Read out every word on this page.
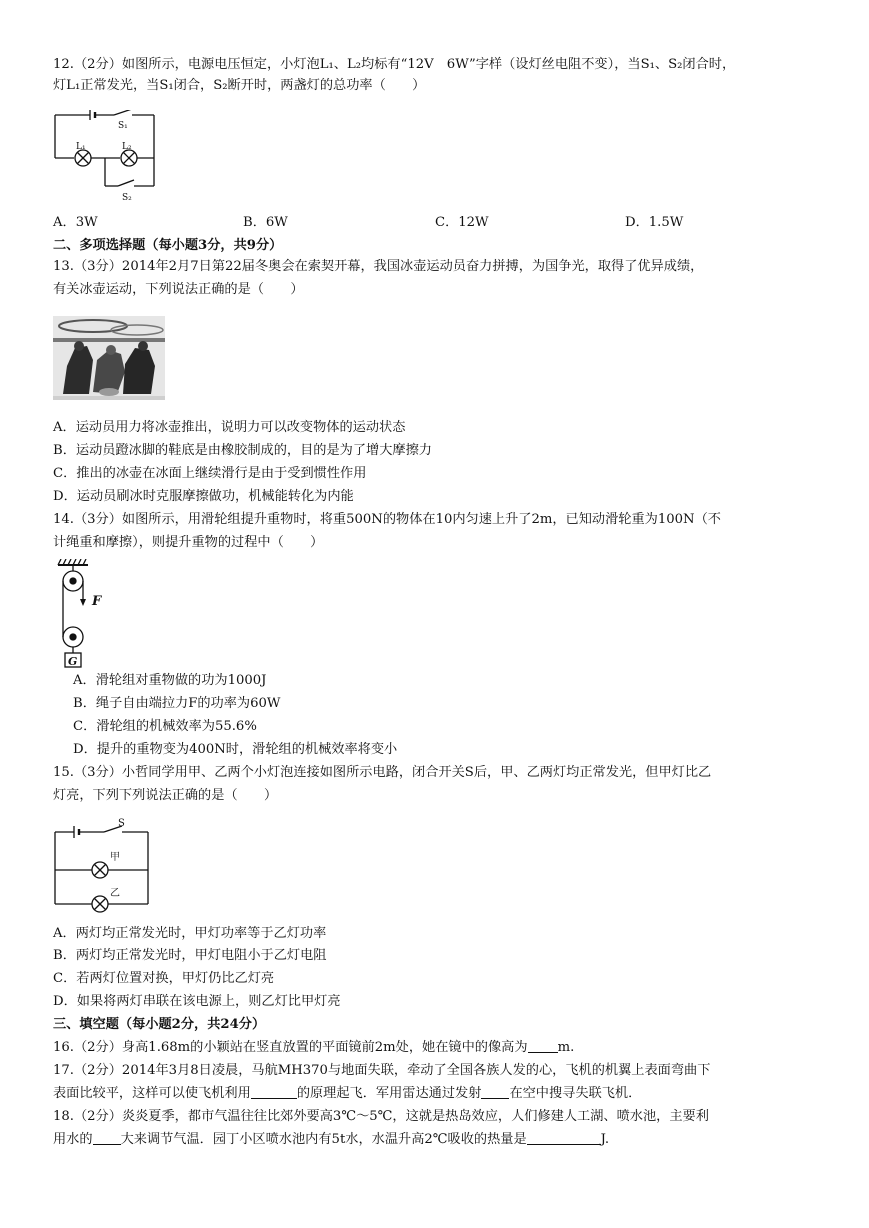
12.（2分）如图所示，电源电压恒定，小灯泡L₁、L₂均标有“12V　6W”字样（设灯丝电阻不变），当S₁、S₂闭合时，
灯L₁正常发光，当S₁闭合，S₂断开时，两盏灯的总功率（　　）
S₁
L₁	L₂
S₂
A．3W	B．6W	C．12W	D．1.5W
二、多项选择题（每小题3分，共9分）
13.（3分）2014年2月7日第22届冬奥会在索契开幕，我国冰壶运动员奋力拼搏，为国争光，取得了优异成绩，
有关冰壶运动，下列说法正确的是（　　）
A．运动员用力将冰壶推出，说明力可以改变物体的运动状态
B．运动员蹬冰脚的鞋底是由橡胶制成的，目的是为了增大摩擦力
C．推出的冰壶在冰面上继续滑行是由于受到惯性作用
D．运动员刷冰时克服摩擦做功，机械能转化为内能
14.（3分）如图所示，用滑轮组提升重物时，将重500N的物体在10内匀速上升了2m，已知动滑轮重为100N（不
计绳重和摩擦），则提升重物的过程中（　　）
F
G
A．滑轮组对重物做的功为1000J
B．绳子自由端拉力F的功率为60W
C．滑轮组的机械效率为55.6%
D．提升的重物变为400N时，滑轮组的机械效率将变小
15.（3分）小哲同学用甲、乙两个小灯泡连接如图所示电路，闭合开关S后，甲、乙两灯均正常发光，但甲灯比乙
灯亮，下列下列说法正确的是（　　）
S
甲
乙
A．两灯均正常发光时，甲灯功率等于乙灯功率
B．两灯均正常发光时，甲灯电阻小于乙灯电阻
C．若两灯位置对换，甲灯仍比乙灯亮
D．如果将两灯串联在该电源上，则乙灯比甲灯亮
三、填空题（每小题2分，共24分）
16.（2分）身高1.68m的小颖站在竖直放置的平面镜前2m处，她在镜中的像高为 m.
17.（2分）2014年3月8日凌晨，马航MH370与地面失联，牵动了全国各族人发的心，飞机的机翼上表面弯曲下
表面比较平，这样可以使飞机利用	的原理起飞．军用雷达通过发射 在空中搜寻失联飞机．
18.（2分）炎炎夏季，都市气温往往比郊外要高3℃～5℃，这就是热岛效应，人们修建人工湖、喷水池，主要利
用水的 大来调节气温．园丁小区喷水池内有5t水，水温升高2℃吸收的热量是	J.
